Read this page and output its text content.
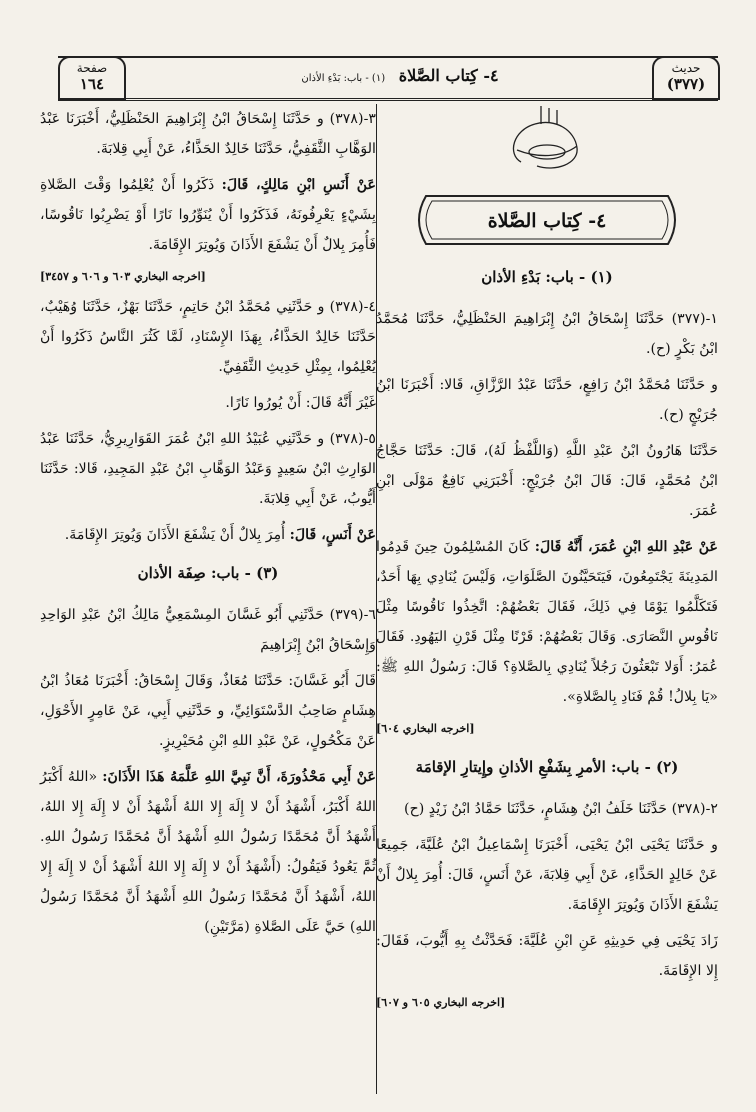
حديث
(٣٧٧)
صفحة
١٦٤	٤- كِتاب الصَّلاة (١) - باب: بَدْءِ الأذان
٤- كِتاب الصَّلاة
(١) - باب: بَدْءِ الأذان

١-(٣٧٧) حَدَّثَنَا إِسْحَاقُ ابْنُ إِبْرَاهِيمَ الحَنْظَلِيُّ، حَدَّثَنَا مُحَمَّدُ ابْنُ بَكْرٍ (ح).

و حَدَّثَنَا مُحَمَّدُ ابْنُ رَافِعٍ، حَدَّثَنَا عَبْدُ الرَّزَّاقِ، قَالا: أَخْبَرَنَا ابْنُ جُرَيْجٍ (ح).

حَدَّثَنَا هَارُونُ ابْنُ عَبْدِ اللَّهِ (وَاللَّفْظُ لَهُ)، قَالَ: حَدَّثَنَا حَجَّاجُ ابْنُ مُحَمَّدٍ، قَالَ: قَالَ ابْنُ جُرَيْجٍ: أَخْبَرَنِي نَافِعٌ مَوْلَى ابْنِ عُمَرَ.

عَنْ عَبْدِ اللهِ ابْنِ عُمَرَ، أَنَّهُ قَالَ: كَانَ المُسْلِمُونَ حِينَ قَدِمُوا المَدِينَةَ يَجْتَمِعُونَ، فَيَتَحَيَّنُونَ الصَّلَوَاتِ، وَلَيْسَ يُنَادِي بِهَا أَحَدٌ، فَتَكَلَّمُوا يَوْمًا فِي ذَلِكَ، فَقَالَ بَعْضُهُمْ: اتَّخِذُوا نَاقُوسًا مِثْلَ نَاقُوسِ النَّصَارَى. وَقَالَ بَعْضُهُمْ: قَرْنًا مِثْلَ قَرْنِ اليَهُودِ. فَقَالَ عُمَرُ: أَوَلا تَبْعَثُونَ رَجُلاً يُنَادِي بِالصَّلاةِ؟ قَالَ: رَسُولُ اللهِ ﷺ: «يَا بِلالُ! قُمْ فَنَادِ بِالصَّلاةِ».

[اخرجه البخاري ٦٠٤]
(٢) - باب: الأمرِ بِشَفْعِ الأذانِ وإِيتارِ الإقامَة

٢-(٣٧٨) حَدَّثَنَا خَلَفُ ابْنُ هِشَامٍ، حَدَّثَنَا حَمَّادُ ابْنُ زَيْدٍ (ح)

و حَدَّثَنَا يَحْيَى ابْنُ يَحْيَى، أَخْبَرَنَا إِسْمَاعِيلُ ابْنُ عُلَيَّةَ، جَمِيعًا عَنْ خَالِدٍ الحَذَّاءِ، عَنْ أَبِي قِلابَةَ، عَنْ أَنَسٍ، قَالَ: أُمِرَ بِلالٌ أَنْ يَشْفَعَ الأَذَانَ وَيُوتِرَ الإِقَامَةَ.

زَادَ يَحْيَى فِي حَدِيثِهِ عَنِ ابْنِ عُلَيَّةَ: فَحَدَّثْتُ بِهِ أَيُّوبَ، فَقَالَ: إِلا الإِقَامَةَ.

[اخرجه البخاري ٦٠٥ و ٦٠٧]

٣-(٣٧٨) و حَدَّثَنَا إِسْحَاقُ ابْنُ إِبْرَاهِيمَ الحَنْظَلِيُّ، أَخْبَرَنَا عَبْدُ الوَهَّابِ الثَّقَفِيُّ، حَدَّثَنَا خَالِدٌ الحَذَّاءُ، عَنْ أَبِي قِلابَةَ.

عَنْ أَنَسِ ابْنِ مَالِكٍ، قَالَ: ذَكَرُوا أَنْ يُعْلِمُوا وَقْتَ الصَّلاةِ بِشَيْءٍ يَعْرِفُونَهُ، فَذَكَرُوا أَنْ يُنَوِّرُوا نَارًا أَوْ يَضْرِبُوا نَاقُوسًا، فَأُمِرَ بِلالٌ أَنْ يَشْفَعَ الأَذَانَ وَيُوتِرَ الإِقَامَةَ.

[اخرجه البخاري ٦٠٣ و ٦٠٦ و ٣٤٥٧]

٤-(٣٧٨) و حَدَّثَنِي مُحَمَّدُ ابْنُ حَاتِمٍ، حَدَّثَنَا بَهْزٌ، حَدَّثَنَا وُهَيْبٌ، حَدَّثَنَا خَالِدٌ الحَذَّاءُ، بِهَذَا الإِسْنَادِ، لَمَّا كَثُرَ النَّاسُ ذَكَرُوا أَنْ يُعْلِمُوا، بِمِثْلِ حَدِيثِ الثَّقَفِيِّ.

غَيْرَ أَنَّهُ قَالَ: أَنْ يُورُوا نَارًا.

٥-(٣٧٨) و حَدَّثَنِي عُبَيْدُ اللهِ ابْنُ عُمَرَ القَوَارِيرِيُّ، حَدَّثَنَا عَبْدُ الوَارِثِ ابْنُ سَعِيدٍ وَعَبْدُ الوَهَّابِ ابْنُ عَبْدِ المَجِيدِ، قَالا: حَدَّثَنَا أَيُّوبُ، عَنْ أَبِي قِلابَةَ.

عَنْ أَنَسٍ، قَالَ: أُمِرَ بِلالٌ أَنْ يَشْفَعَ الأَذَانَ وَيُوتِرَ الإِقَامَةَ.

(٣) - باب: صِفَة الأذان

٦-(٣٧٩) حَدَّثَنِي أَبُو غَسَّانَ المِسْمَعِيُّ مَالِكُ ابْنُ عَبْدِ الوَاحِدِ وَإِسْحَاقُ ابْنُ إِبْرَاهِيمَ

قَالَ أَبُو غَسَّانَ: حَدَّثَنَا مُعَاذٌ، وَقَالَ إِسْحَاقُ: أَخْبَرَنَا مُعَاذُ ابْنُ هِشَامٍ صَاحِبُ الدَّسْتَوَائِيِّ، و حَدَّثَنِي أَبِي، عَنْ عَامِرٍ الأَحْوَلِ، عَنْ مَكْحُولٍ، عَنْ عَبْدِ اللهِ ابْنِ مُحَيْرِيزٍ.

عَنْ أَبِي مَحْذُورَةَ، أَنَّ نَبِيَّ اللهِ عَلَّمَهُ هَذَا الأَذَانَ: «اللهُ أَكْبَرُ اللهُ أَكْبَرُ، أَشْهَدُ أَنْ لا إِلَهَ إِلا اللهُ أَشْهَدُ أَنْ لا إِلَهَ إِلا اللهُ، أَشْهَدُ أَنَّ مُحَمَّدًا رَسُولُ اللهِ أَشْهَدُ أَنَّ مُحَمَّدًا رَسُولُ اللهِ. ثُمَّ يَعُودُ فَيَقُولُ: (أَشْهَدُ أَنْ لا إِلَهَ إِلا اللهُ أَشْهَدُ أَنْ لا إِلَهَ إِلا اللهُ، أَشْهَدُ أَنَّ مُحَمَّدًا رَسُولُ اللهِ أَشْهَدُ أَنَّ مُحَمَّدًا رَسُولُ اللهِ) حَيَّ عَلَى الصَّلاةِ (مَرَّتَيْنِ)
